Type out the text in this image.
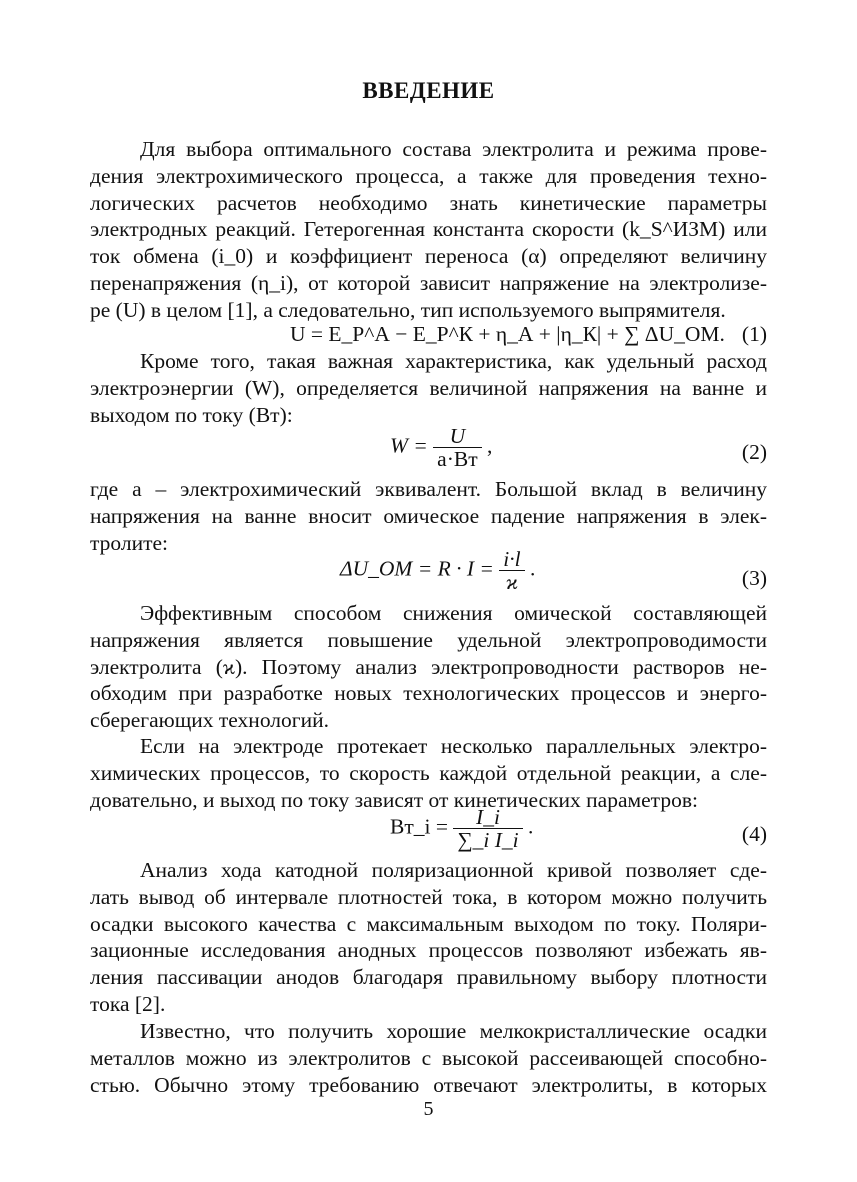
ВВЕДЕНИЕ
Для выбора оптимального состава электролита и режима прове-
дения электрохимического процесса, а также для проведения техно-
логических расчетов необходимо знать кинетические параметры
электродных реакций. Гетерогенная константа скорости (k_S^ИЗМ) или
ток обмена (i_0) и коэффициент переноса (α) определяют величину
перенапряжения (η_i), от которой зависит напряжение на электролизе-
ре (U) в целом [1], а следовательно, тип используемого выпрямителя.
U = E_Р^А − E_Р^К + η_А + |η_К| + ∑ ΔU_ОМ. (1)
Кроме того, такая важная характеристика, как удельный расход
электроэнергии (W), определяется величиной напряжения на ванне и
выходом по току (Вт):
$W = \frac{U}{a\cdot Вт}$ ,	(2)
где a – электрохимический эквивалент. Большой вклад в величину
напряжения на ванне вносит омическое падение напряжения в элек-
тролите:
ΔU_ОМ = $R \cdot I = \frac{i\cdot l}{ϰ}$ .	(3)
Эффективным способом снижения омической составляющей
напряжения является повышение удельной электропроводимости
электролита (ϰ). Поэтому анализ электропроводности растворов не-
обходим при разработке новых технологических процессов и энерго-
сберегающих технологий.
Если на электроде протекает несколько параллельных электро-
химических процессов, то скорость каждой отдельной реакции, а сле-
довательно, и выход по току зависят от кинетических параметров:
Вт_i = $\frac{I\_i}{\text{∑\_i I\_i}}$ .	(4)
Анализ хода катодной поляризационной кривой позволяет сде-
лать вывод об интервале плотностей тока, в котором можно получить
осадки высокого качества с максимальным выходом по току. Поляри-
зационные исследования анодных процессов позволяют избежать яв-
ления пассивации анодов благодаря правильному выбору плотности
тока [2].
Известно, что получить хорошие мелкокристаллические осадки
металлов можно из электролитов с высокой рассеивающей способно-
стью. Обычно этому требованию отвечают электролиты, в которых
5
